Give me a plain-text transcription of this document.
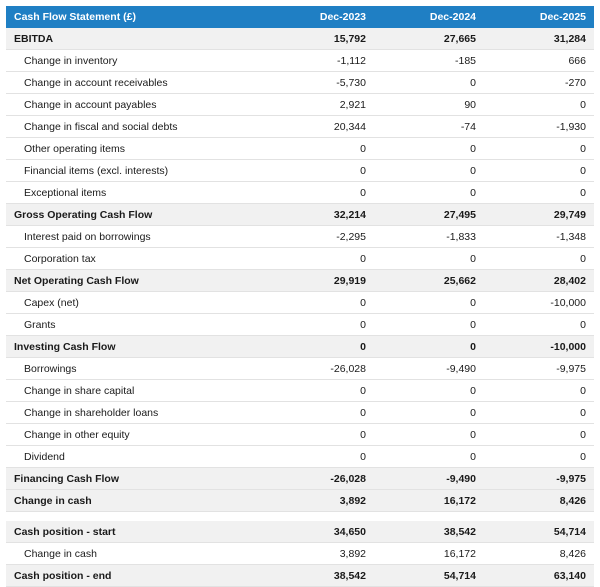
Cash Flow Statement (£)	Dec-2023	Dec-2024	Dec-2025
EBITDA	15,792	27,665	31,284
Change in inventory	-1,112	-185	666
Change in account receivables	-5,730	0	-270
Change in account payables	2,921	90	0
Change in fiscal and social debts	20,344	-74	-1,930
Other operating items	0	0	0
Financial items (excl. interests)	0	0	0
Exceptional items	0	0	0
Gross Operating Cash Flow	32,214	27,495	29,749
Interest paid on borrowings	-2,295	-1,833	-1,348
Corporation tax	0	0	0
Net Operating Cash Flow	29,919	25,662	28,402
Capex (net)	0	0	-10,000
Grants	0	0	0
Investing Cash Flow	0	0	-10,000
Borrowings	-26,028	-9,490	-9,975
Change in share capital	0	0	0
Change in shareholder loans	0	0	0
Change in other equity	0	0	0
Dividend	0	0	0
Financing Cash Flow	-26,028	-9,490	-9,975
Change in cash	3,892	16,172	8,426

Cash position - start	34,650	38,542	54,714
Change in cash	3,892	16,172	8,426
Cash position - end	38,542	54,714	63,140
